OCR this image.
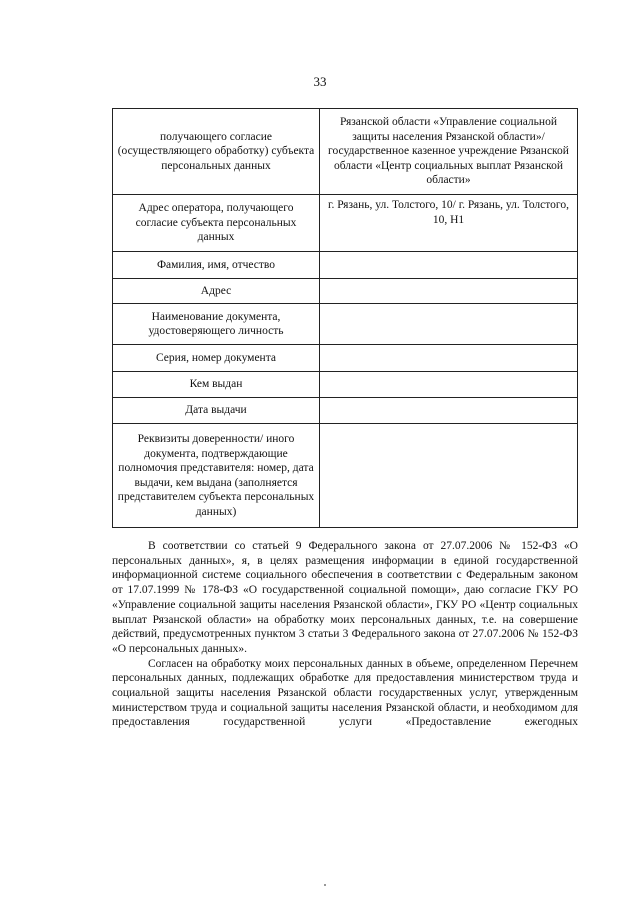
33
получающего согласие (осуществляющего обработку) субъекта персональных данных	Рязанской области «Управление социальной защиты населения Рязанской области»/ государственное казенное учреждение Рязанской области «Центр социальных выплат Рязанской области»
Адрес оператора, получающего согласие субъекта персональных данных	г. Рязань, ул. Толстого, 10/ г. Рязань, ул. Толстого, 10, Н1
Фамилия, имя, отчество	
Адрес	
Наименование документа, удостоверяющего личность	
Серия, номер документа	
Кем выдан	
Дата выдачи	
Реквизиты доверенности/ иного документа, подтверждающие полномочия представителя: номер, дата выдачи, кем выдана (заполняется представителем субъекта персональных данных)	

В соответствии со статьей 9 Федерального закона от 27.07.2006 № 152-ФЗ «О персональных данных», я, в целях размещения информации в единой государственной информационной системе социального обеспечения в соответствии с Федеральным законом от 17.07.1999 № 178-ФЗ «О государственной социальной помощи», даю согласие ГКУ РО «Управление социальной защиты населения Рязанской области», ГКУ РО «Центр социальных выплат Рязанской области» на обработку моих персональных данных, т.е. на совершение действий, предусмотренных пунктом 3 статьи 3 Федерального закона от 27.07.2006 № 152-ФЗ «О персональных данных».

Согласен на обработку моих персональных данных в объеме, определенном Перечнем персональных данных, подлежащих обработке для предоставления министерством труда и социальной защиты населения Рязанской области государственных услуг, утвержденным министерством труда и социальной защиты населения Рязанской области, и необходимом для предоставления государственной услуги «Предоставление ежегодных
